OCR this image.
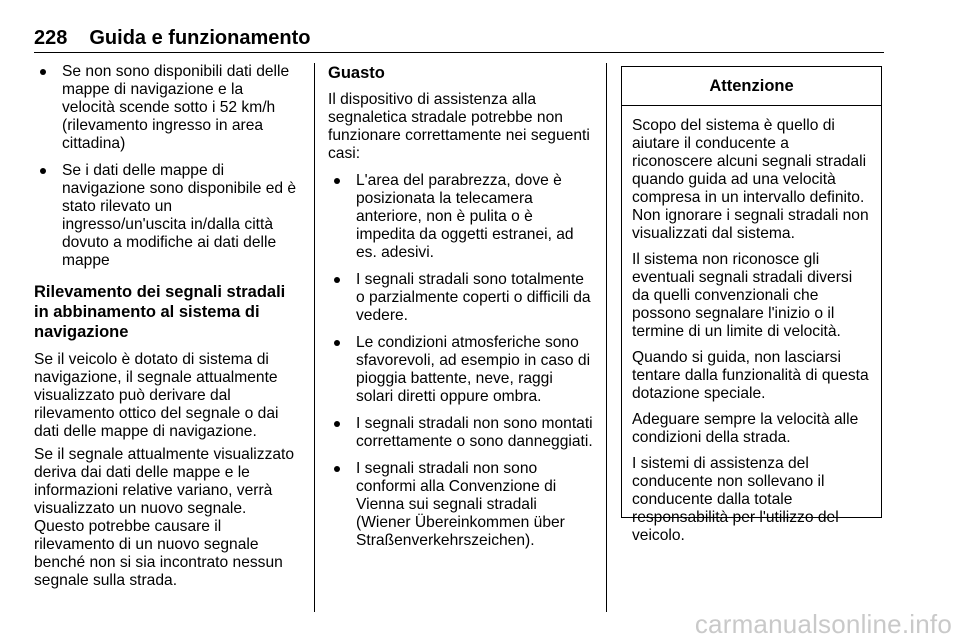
228 Guida e funzionamento
Se non sono disponibili dati delle mappe di navigazione e la velocità scende sotto i 52 km/h (rilevamento ingresso in area cittadina)
Se i dati delle mappe di navigazione sono disponibile ed è stato rilevato un ingresso/un'uscita in/dalla città dovuto a modifiche ai dati delle mappe
Rilevamento dei segnali stradali in abbinamento al sistema di navigazione

Se il veicolo è dotato di sistema di navigazione, il segnale attualmente visualizzato può derivare dal rilevamento ottico del segnale o dai dati delle mappe di navigazione.

Se il segnale attualmente visualizzato deriva dai dati delle mappe e le informazioni relative variano, verrà visualizzato un nuovo segnale. Questo potrebbe causare il rilevamento di un nuovo segnale benché non si sia incontrato nessun segnale sulla strada.

Guasto

Il dispositivo di assistenza alla segnaletica stradale potrebbe non funzionare correttamente nei seguenti casi:

L'area del parabrezza, dove è posizionata la telecamera anteriore, non è pulita o è impedita da oggetti estranei, ad es. adesivi.
I segnali stradali sono totalmente o parzialmente coperti o difficili da vedere.
Le condizioni atmosferiche sono sfavorevoli, ad esempio in caso di pioggia battente, neve, raggi solari diretti oppure ombra.
I segnali stradali non sono montati correttamente o sono danneggiati.
I segnali stradali non sono conformi alla Convenzione di Vienna sui segnali stradali (Wiener Übereinkommen über Straßenverkehrszeichen).
Attenzione

Scopo del sistema è quello di aiutare il conducente a riconoscere alcuni segnali stradali quando guida ad una velocità compresa in un intervallo definito. Non ignorare i segnali stradali non visualizzati dal sistema.

Il sistema non riconosce gli eventuali segnali stradali diversi da quelli convenzionali che possono segnalare l'inizio o il termine di un limite di velocità.

Quando si guida, non lasciarsi tentare dalla funzionalità di questa dotazione speciale.

Adeguare sempre la velocità alle condizioni della strada.

I sistemi di assistenza del conducente non sollevano il conducente dalla totale responsabilità per l'utilizzo del veicolo.

carmanualsonline.info
